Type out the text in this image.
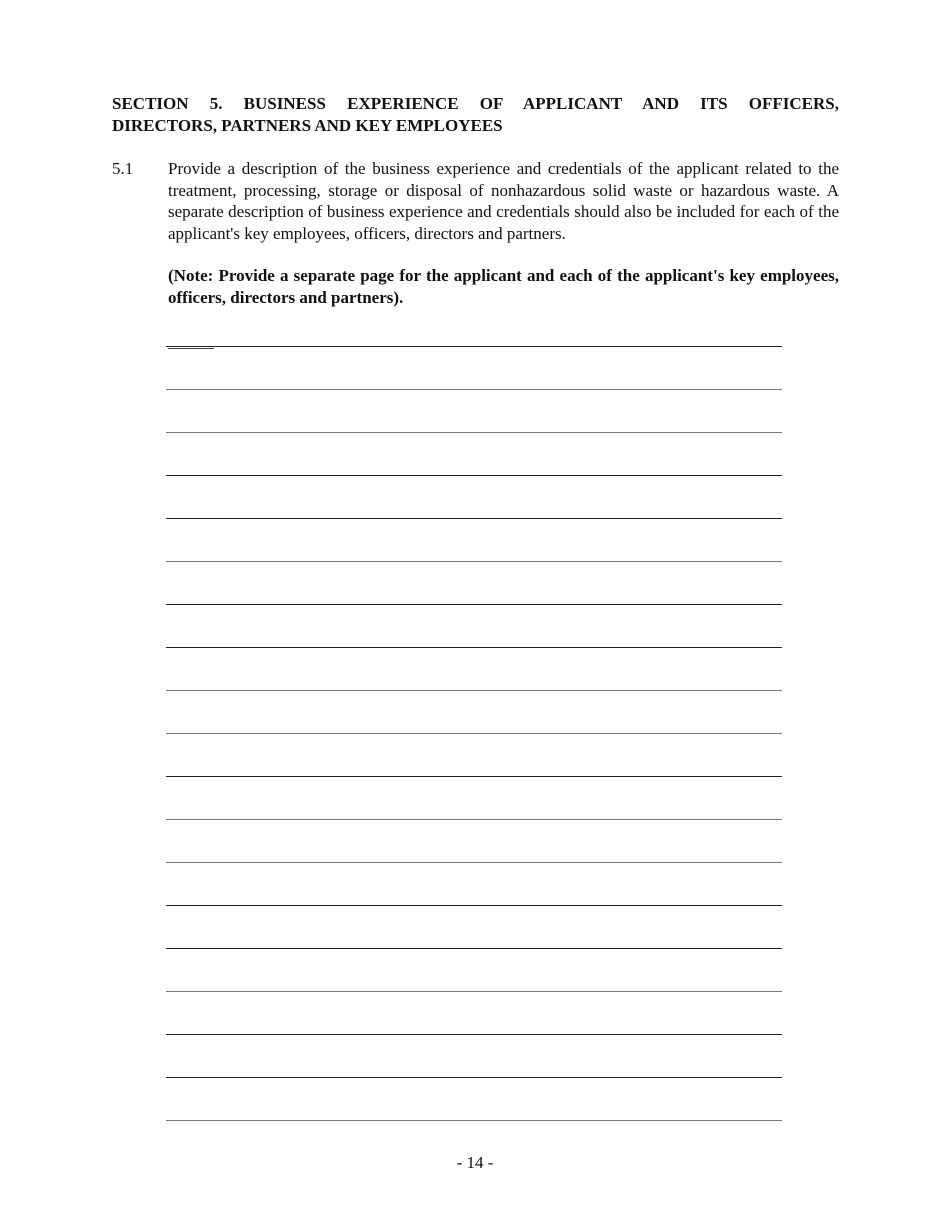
SECTION 5. BUSINESS EXPERIENCE OF APPLICANT AND ITS OFFICERS,
DIRECTORS, PARTNERS AND KEY EMPLOYEES

5.1 Provide a description of the business experience and credentials of the applicant related to the treatment, processing, storage or disposal of nonhazardous solid waste or hazardous waste. A separate description of business experience and credentials should also be included for each of the applicant's key employees, officers, directors and partners.

(Note: Provide a separate page for the applicant and each of the applicant's key employees, officers, directors and partners).

- 14 -
